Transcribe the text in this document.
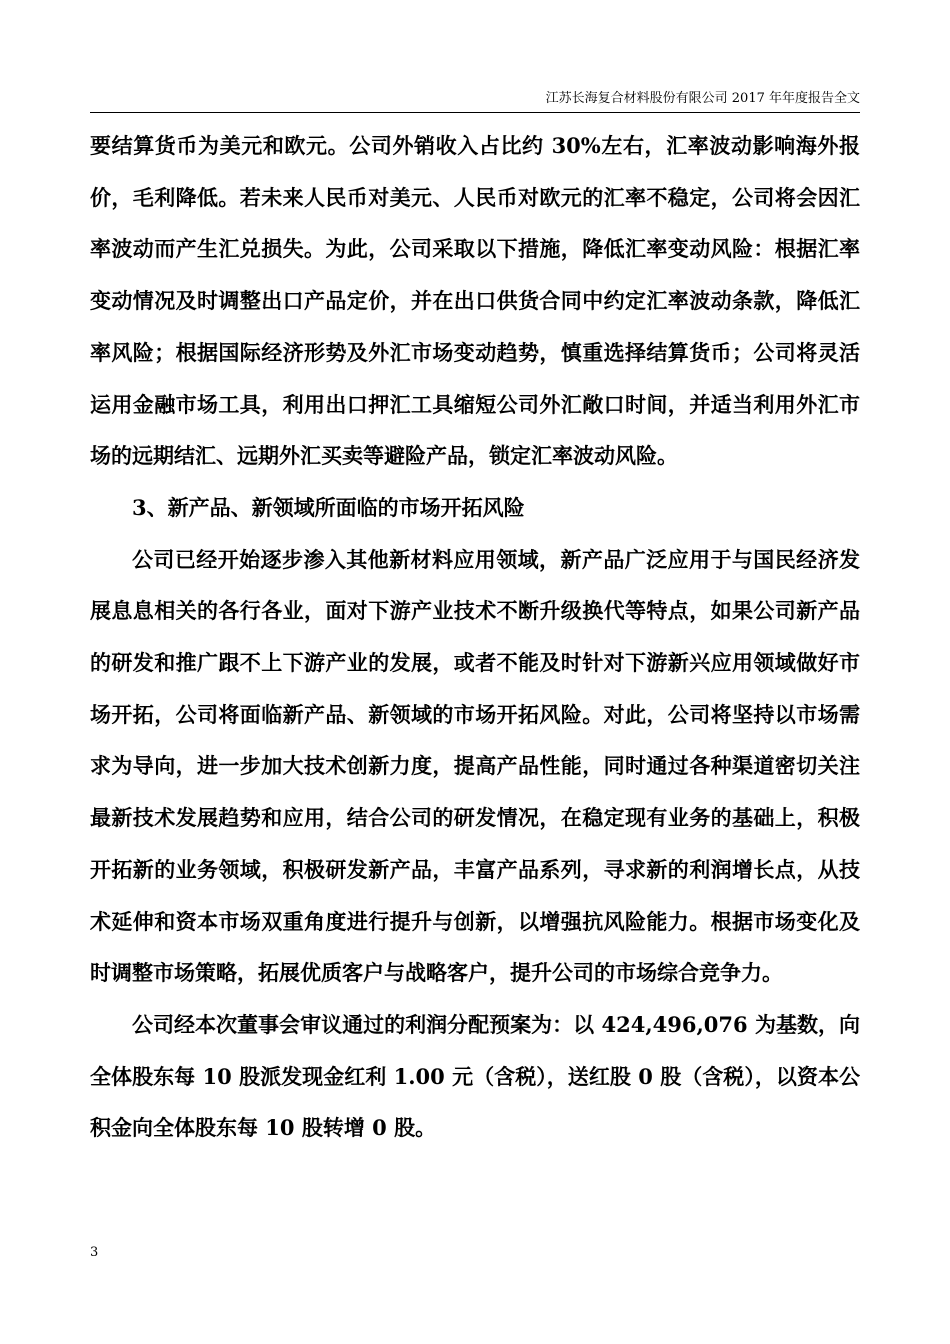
江苏长海复合材料股份有限公司 2017 年年度报告全文

要结算货币为美元和欧元。公司外销收入占比约 30%左右，汇率波动影响海外报价，毛利降低。若未来人民币对美元、人民币对欧元的汇率不稳定，公司将会因汇率波动而产生汇兑损失。为此，公司采取以下措施，降低汇率变动风险：根据汇率变动情况及时调整出口产品定价，并在出口供货合同中约定汇率波动条款，降低汇率风险；根据国际经济形势及外汇市场变动趋势，慎重选择结算货币；公司将灵活运用金融市场工具，利用出口押汇工具缩短公司外汇敞口时间，并适当利用外汇市场的远期结汇、远期外汇买卖等避险产品，锁定汇率波动风险。

3、新产品、新领域所面临的市场开拓风险

公司已经开始逐步渗入其他新材料应用领域，新产品广泛应用于与国民经济发展息息相关的各行各业，面对下游产业技术不断升级换代等特点，如果公司新产品的研发和推广跟不上下游产业的发展，或者不能及时针对下游新兴应用领域做好市场开拓，公司将面临新产品、新领域的市场开拓风险。对此，公司将坚持以市场需求为导向，进一步加大技术创新力度，提高产品性能，同时通过各种渠道密切关注最新技术发展趋势和应用，结合公司的研发情况，在稳定现有业务的基础上，积极开拓新的业务领域，积极研发新产品，丰富产品系列，寻求新的利润增长点，从技术延伸和资本市场双重角度进行提升与创新，以增强抗风险能力。根据市场变化及时调整市场策略，拓展优质客户与战略客户，提升公司的市场综合竞争力。

公司经本次董事会审议通过的利润分配预案为：以 424,496,076 为基数，向全体股东每 10 股派发现金红利 1.00 元（含税），送红股 0 股（含税），以资本公积金向全体股东每 10 股转增 0 股。

3
